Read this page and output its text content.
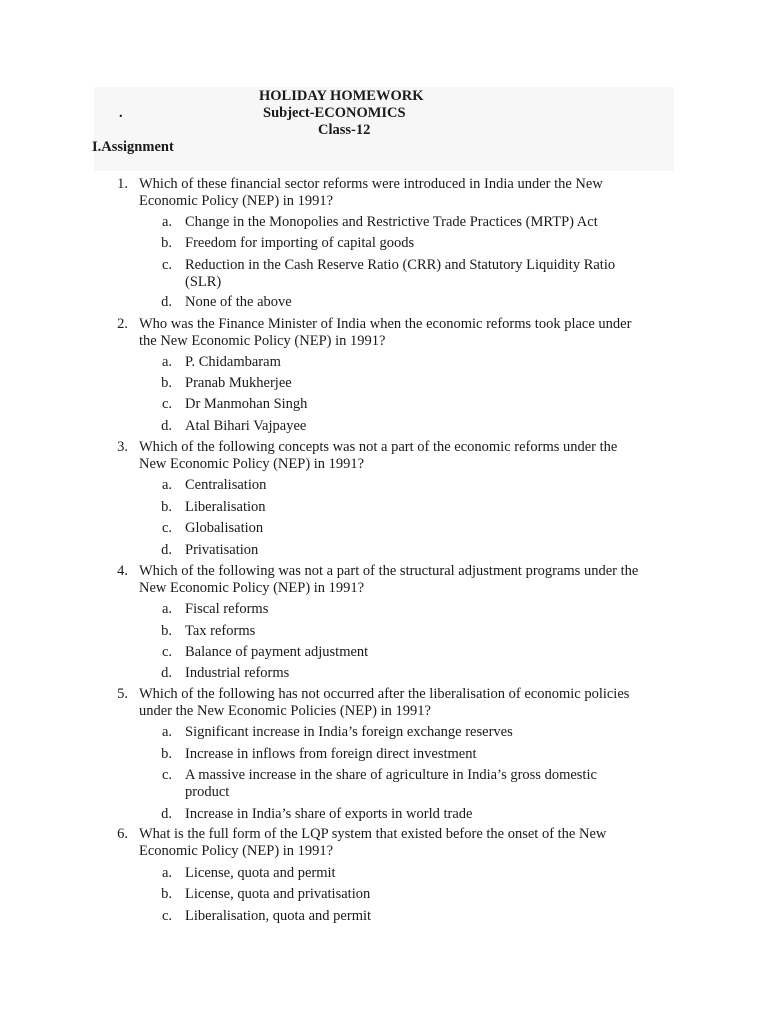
HOLIDAY HOMEWORK
.	Subject-ECONOMICS
Class-12
I.Assignment
1. Which of these financial sector reforms were introduced in India under the New
Economic Policy (NEP) in 1991?
a. Change in the Monopolies and Restrictive Trade Practices (MRTP) Act
b. Freedom for importing of capital goods
c. Reduction in the Cash Reserve Ratio (CRR) and Statutory Liquidity Ratio
(SLR)
d. None of the above
2. Who was the Finance Minister of India when the economic reforms took place under
the New Economic Policy (NEP) in 1991?
a. P. Chidambaram
b. Pranab Mukherjee
c. Dr Manmohan Singh
d. Atal Bihari Vajpayee
3. Which of the following concepts was not a part of the economic reforms under the
New Economic Policy (NEP) in 1991?
a. Centralisation
b. Liberalisation
c. Globalisation
d. Privatisation
4. Which of the following was not a part of the structural adjustment programs under the
New Economic Policy (NEP) in 1991?
a. Fiscal reforms
b. Tax reforms
c. Balance of payment adjustment
d. Industrial reforms
5. Which of the following has not occurred after the liberalisation of economic policies
under the New Economic Policies (NEP) in 1991?
a. Significant increase in India’s foreign exchange reserves
b. Increase in inflows from foreign direct investment
c. A massive increase in the share of agriculture in India’s gross domestic
product
d. Increase in India’s share of exports in world trade
6. What is the full form of the LQP system that existed before the onset of the New
Economic Policy (NEP) in 1991?
a. License, quota and permit
b. License, quota and privatisation
c. Liberalisation, quota and permit
